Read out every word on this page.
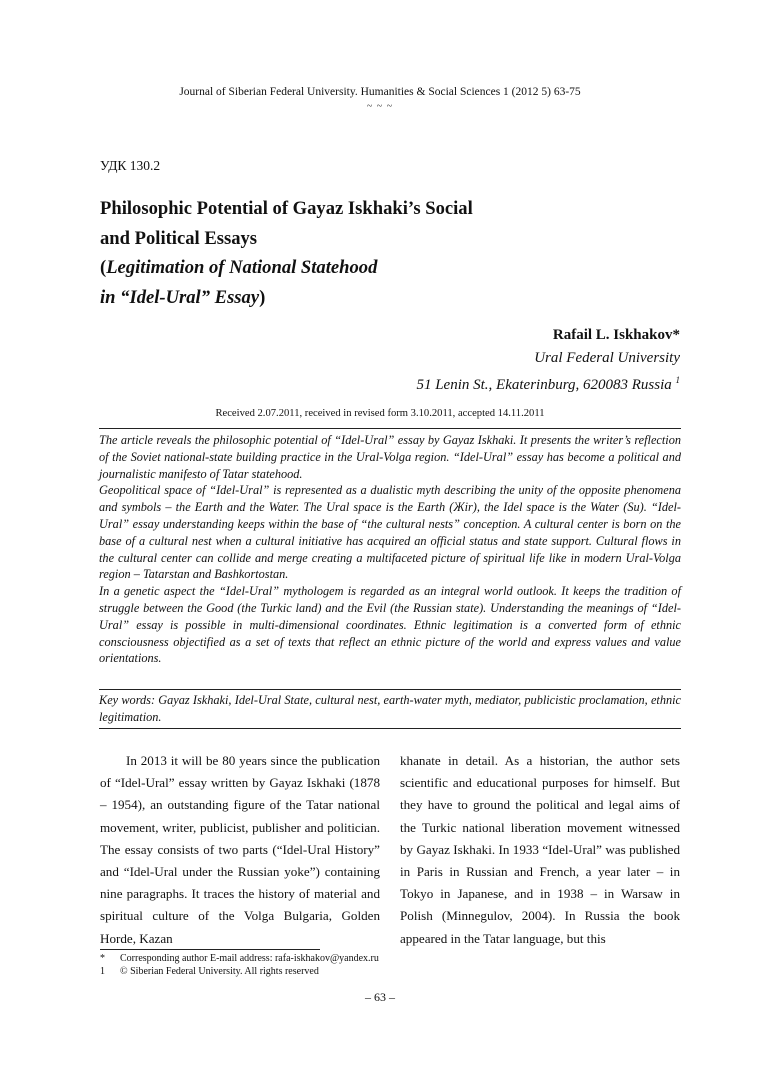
Journal of Siberian Federal University. Humanities & Social Sciences 1 (2012 5) 63-75
~ ~ ~
УДК 130.2
Philosophic Potential of Gayaz Iskhaki’s Social
and Political Essays
(Legitimation of National Statehood
in “Idel-Ural” Essay)
Rafail L. Iskhakov*
Ural Federal University
51 Lenin St., Ekaterinburg, 620083 Russia $^1$
Received 2.07.2011, received in revised form 3.10.2011, accepted 14.11.2011

The article reveals the philosophic potential of “Idel-Ural” essay by Gayaz Iskhaki. It presents the writer’s reflection of the Soviet national-state building practice in the Ural-Volga region. “Idel-Ural” essay has become a political and journalistic manifesto of Tatar statehood.

Geopolitical space of “Idel-Ural” is represented as a dualistic myth describing the unity of the opposite phenomena and symbols – the Earth and the Water. The Ural space is the Earth (Жir), the Idel space is the Water (Su). “Idel-Ural” essay understanding keeps within the base of “the cultural nests” conception. A cultural center is born on the base of a cultural nest when a cultural initiative has acquired an official status and state support. Cultural flows in the cultural center can collide and merge creating a multifaceted picture of spiritual life like in modern Ural-Volga region – Tatarstan and Bashkortostan.

In a genetic aspect the “Idel-Ural” mythologem is regarded as an integral world outlook. It keeps the tradition of struggle between the Good (the Turkic land) and the Evil (the Russian state). Understanding the meanings of “Idel-Ural” essay is possible in multi-dimensional coordinates. Ethnic legitimation is a converted form of ethnic consciousness objectified as a set of texts that reflect an ethnic picture of the world and express values and value orientations.

Key words: Gayaz Iskhaki, Idel-Ural State, cultural nest, earth-water myth, mediator, publicistic proclamation, ethnic legitimation.

In 2013 it will be 80 years since the publication of “Idel-Ural” essay written by Gayaz Iskhaki (1878 – 1954), an outstanding figure of the Tatar national movement, writer, publicist, publisher and politician. The essay consists of two parts (“Idel-Ural History” and “Idel-Ural under the Russian yoke”) containing nine paragraphs. It traces the history of material and spiritual culture of the Volga Bulgaria, Golden Horde, Kazan

khanate in detail. As a historian, the author sets scientific and educational purposes for himself. But they have to ground the political and legal aims of the Turkic national liberation movement witnessed by Gayaz Iskhaki. In 1933 “Idel-Ural” was published in Paris in Russian and French, a year later – in Tokyo in Japanese, and in 1938 – in Warsaw in Polish (Minnegulov, 2004). In Russia the book appeared in the Tatar language, but this

* Corresponding author E-mail address: rafa-iskhakov@yandex.ru
1 © Siberian Federal University. All rights reserved
– 63 –
